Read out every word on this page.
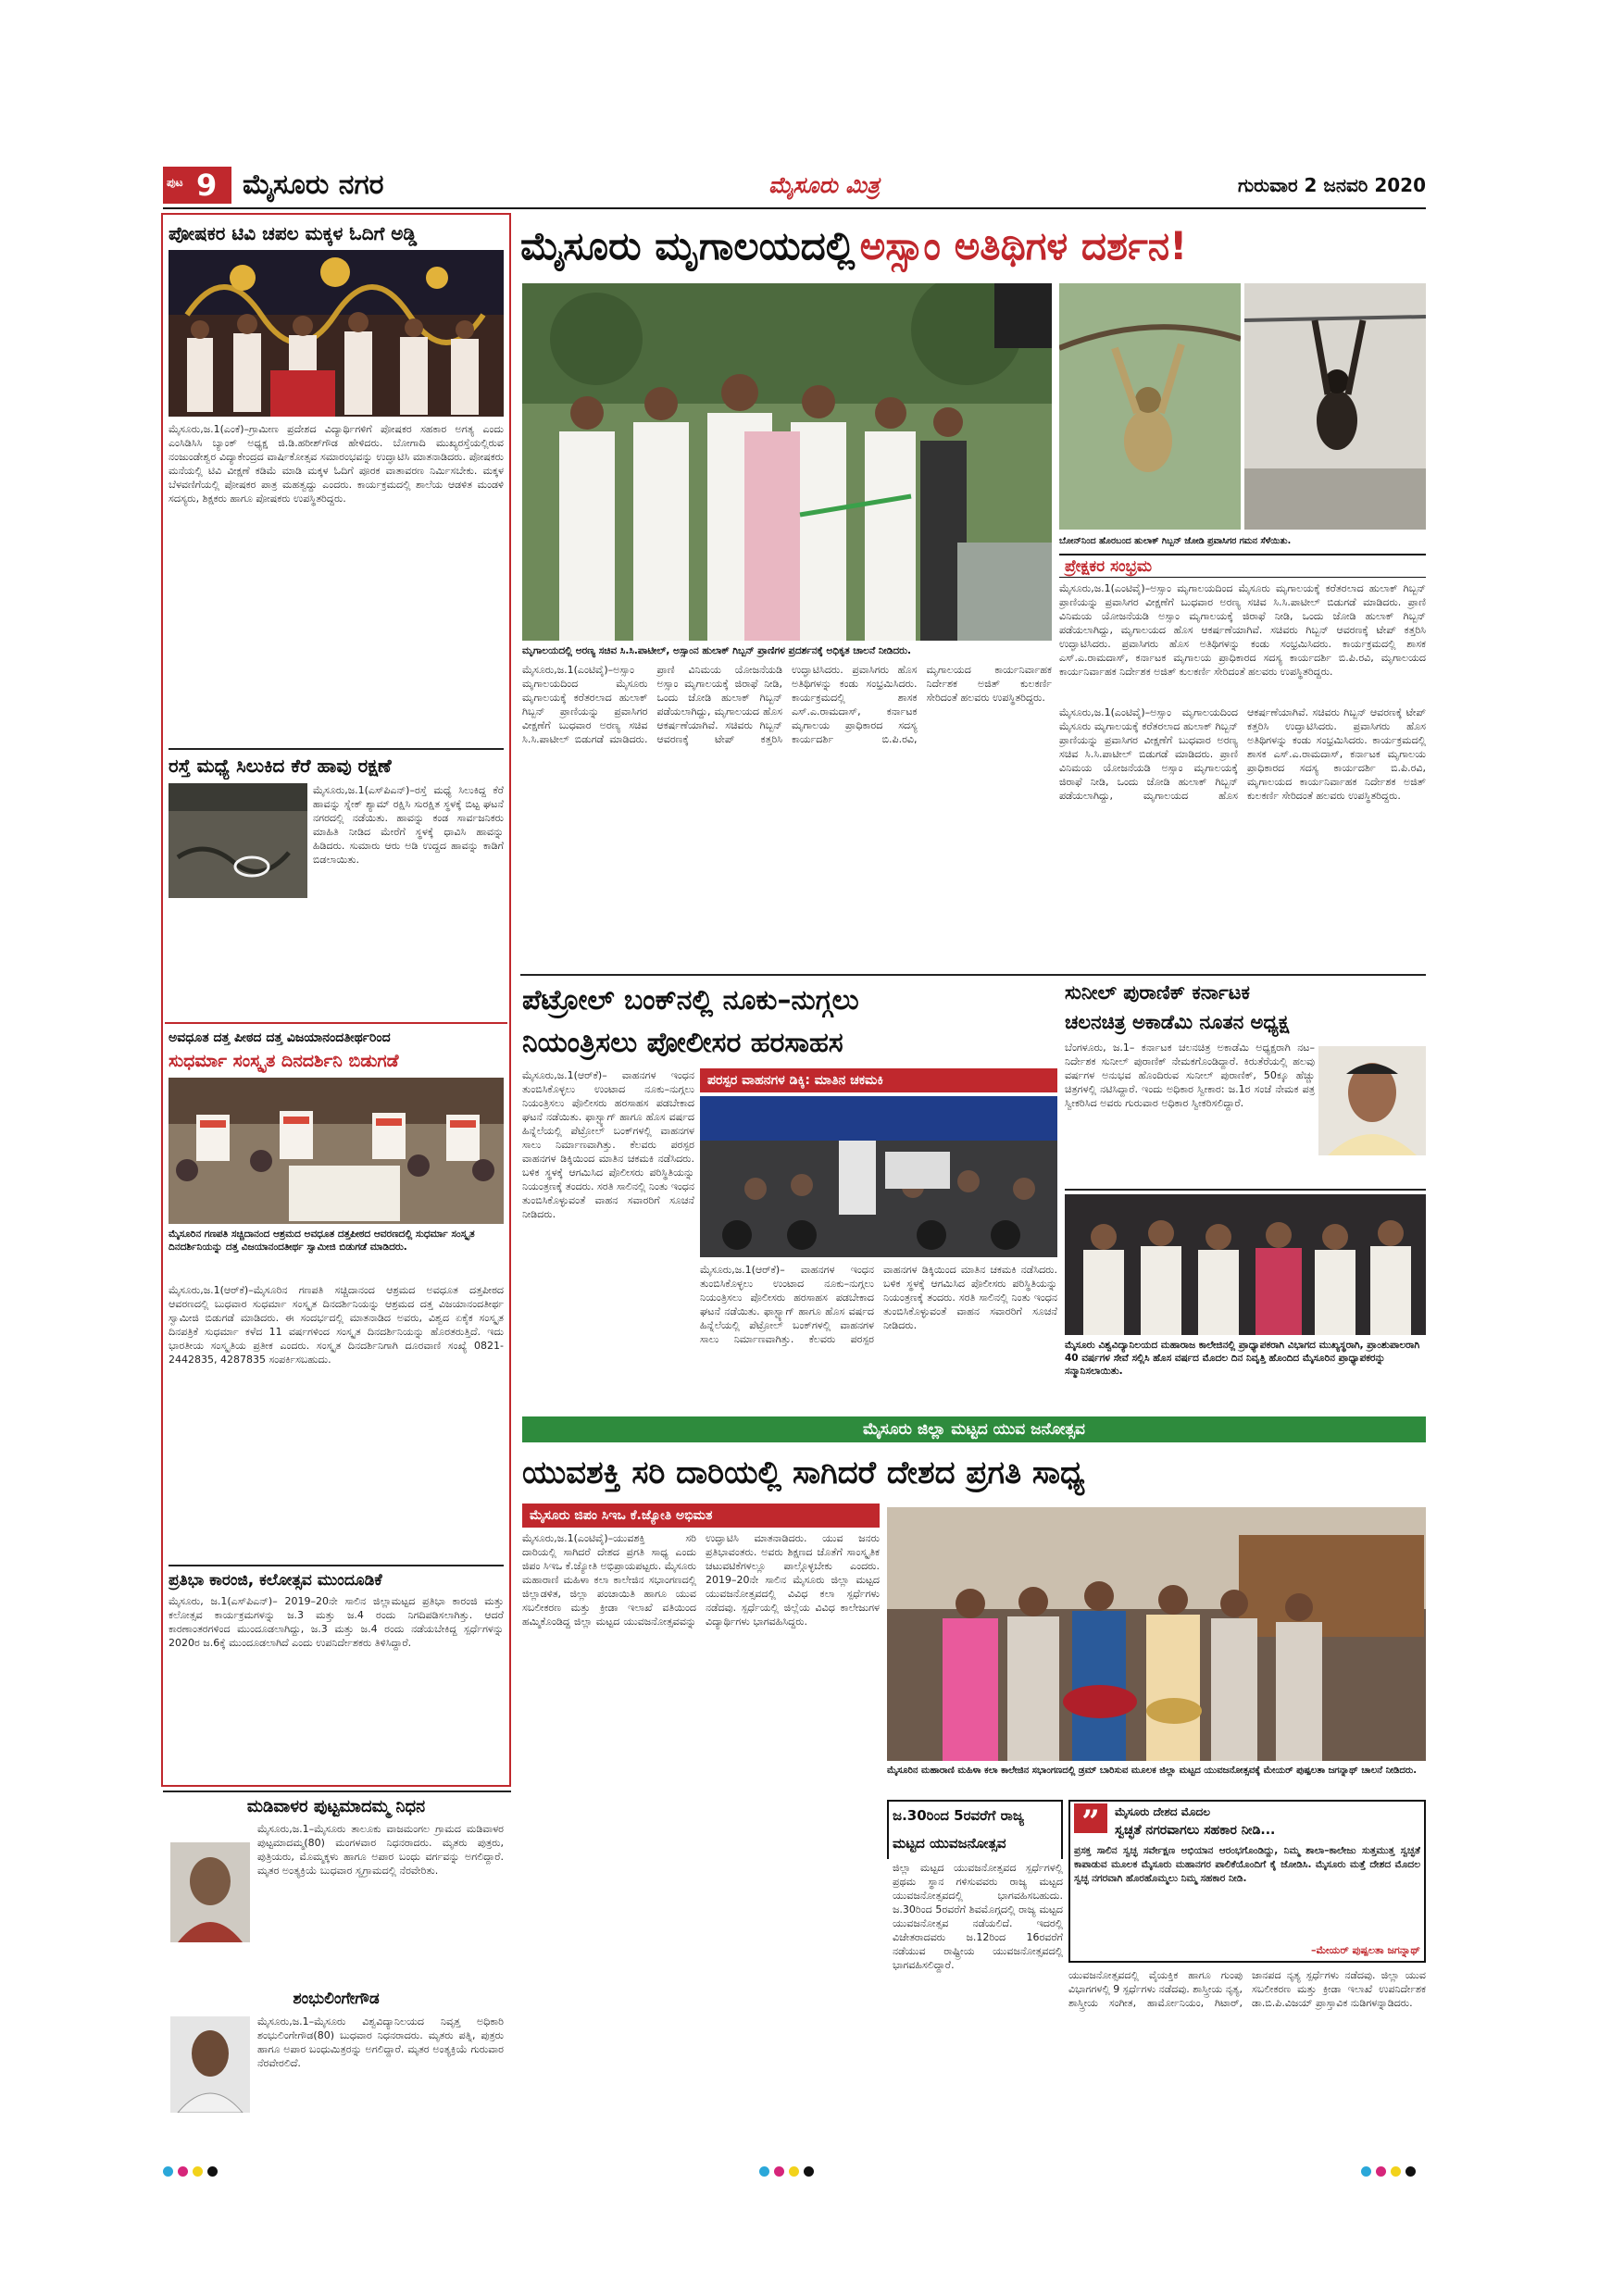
ಪುಟ 9 ಮೈಸೂರು ನಗರ	ಮೈಸೂರು ಮಿತ್ರ	ಗುರುವಾರ 2 ಜನವರಿ 2020
ಪೋಷಕರ ಟಿವಿ ಚಪಲ ಮಕ್ಕಳ ಓದಿಗೆ ಅಡ್ಡಿ
ಮೈಸೂರು,ಜ.1(ಎಂಕೆ)–ಗ್ರಾಮೀಣ ಪ್ರದೇಶದ ವಿದ್ಯಾರ್ಥಿಗಳಿಗೆ ಪೋಷಕರ ಸಹಕಾರ ಅಗತ್ಯ ಎಂದು ಎಂಸಿಡಿಸಿಸಿ ಬ್ಯಾಂಕ್ ಅಧ್ಯಕ್ಷ ಜಿ.ಡಿ.ಹರೀಶ್‌ಗೌಡ ಹೇಳಿದರು. ಬೋಗಾದಿ ಮುಖ್ಯರಸ್ತೆಯಲ್ಲಿರುವ ನಂಜುಂಡೇಶ್ವರ ವಿದ್ಯಾಕೇಂದ್ರದ ವಾರ್ಷಿಕೋತ್ಸವ ಸಮಾರಂಭವನ್ನು ಉದ್ಘಾಟಿಸಿ ಮಾತನಾಡಿದರು. ಪೋಷಕರು ಮನೆಯಲ್ಲಿ ಟಿವಿ ವೀಕ್ಷಣೆ ಕಡಿಮೆ ಮಾಡಿ ಮಕ್ಕಳ ಓದಿಗೆ ಪೂರಕ ವಾತಾವರಣ ನಿರ್ಮಿಸಬೇಕು. ಮಕ್ಕಳ ಬೆಳವಣಿಗೆಯಲ್ಲಿ ಪೋಷಕರ ಪಾತ್ರ ಮಹತ್ವದ್ದು ಎಂದರು. ಕಾರ್ಯಕ್ರಮದಲ್ಲಿ ಶಾಲೆಯ ಆಡಳಿತ ಮಂಡಳಿ ಸದಸ್ಯರು, ಶಿಕ್ಷಕರು ಹಾಗೂ ಪೋಷಕರು ಉಪಸ್ಥಿತರಿದ್ದರು.
ರಸ್ತೆ ಮಧ್ಯೆ ಸಿಲುಕಿದ ಕೆರೆ ಹಾವು ರಕ್ಷಣೆ
ಮೈಸೂರು,ಜ.1(ಎಸ್‌ಪಿಎನ್)–ರಸ್ತೆ ಮಧ್ಯೆ ಸಿಲುಕಿದ್ದ ಕೆರೆ ಹಾವನ್ನು ಸ್ನೇಕ್ ಶ್ಯಾಮ್ ರಕ್ಷಿಸಿ ಸುರಕ್ಷಿತ ಸ್ಥಳಕ್ಕೆ ಬಿಟ್ಟ ಘಟನೆ ನಗರದಲ್ಲಿ ನಡೆಯಿತು. ಹಾವನ್ನು ಕಂಡ ಸಾರ್ವಜನಿಕರು ಮಾಹಿತಿ ನೀಡಿದ ಮೇರೆಗೆ ಸ್ಥಳಕ್ಕೆ ಧಾವಿಸಿ ಹಾವನ್ನು ಹಿಡಿದರು. ಸುಮಾರು ಆರು ಅಡಿ ಉದ್ದದ ಹಾವನ್ನು ಕಾಡಿಗೆ ಬಿಡಲಾಯಿತು.
ಅವಧೂತ ದತ್ತ ಪೀಠದ ದತ್ತ ವಿಜಯಾನಂದತೀರ್ಥರಿಂದ
ಸುಧರ್ಮಾ ಸಂಸ್ಕೃತ ದಿನದರ್ಶಿನಿ ಬಿಡುಗಡೆ
ಮೈಸೂರಿನ ಗಣಪತಿ ಸಚ್ಚಿದಾನಂದ ಆಶ್ರಮದ ಅವಧೂತ ದತ್ತಪೀಠದ ಆವರಣದಲ್ಲಿ ಸುಧರ್ಮಾ ಸಂಸ್ಕೃತ ದಿನದರ್ಶಿನಿಯನ್ನು ದತ್ತ ವಿಜಯಾನಂದತೀರ್ಥ ಸ್ವಾಮೀಜಿ ಬಿಡುಗಡೆ ಮಾಡಿದರು.
ಮೈಸೂರು,ಜ.1(ಆರ್‌ಕೆ)–ಮೈಸೂರಿನ ಗಣಪತಿ ಸಚ್ಚಿದಾನಂದ ಆಶ್ರಮದ ಅವಧೂತ ದತ್ತಪೀಠದ ಆವರಣದಲ್ಲಿ ಬುಧವಾರ ಸುಧರ್ಮಾ ಸಂಸ್ಕೃತ ದಿನದರ್ಶಿನಿಯನ್ನು ಆಶ್ರಮದ ದತ್ತ ವಿಜಯಾನಂದತೀರ್ಥ ಸ್ವಾಮೀಜಿ ಬಿಡುಗಡೆ ಮಾಡಿದರು. ಈ ಸಂದರ್ಭದಲ್ಲಿ ಮಾತನಾಡಿದ ಅವರು, ವಿಶ್ವದ ಏಕೈಕ ಸಂಸ್ಕೃತ ದಿನಪತ್ರಿಕೆ ಸುಧರ್ಮಾ ಕಳೆದ 11 ವರ್ಷಗಳಿಂದ ಸಂಸ್ಕೃತ ದಿನದರ್ಶಿನಿಯನ್ನು ಹೊರತರುತ್ತಿದೆ. ಇದು ಭಾರತೀಯ ಸಂಸ್ಕೃತಿಯ ಪ್ರತೀಕ ಎಂದರು. ಸಂಸ್ಕೃತ ದಿನದರ್ಶಿನಿಗಾಗಿ ದೂರವಾಣಿ ಸಂಖ್ಯೆ 0821-2442835, 4287835 ಸಂಪರ್ಕಿಸಬಹುದು.
ಪ್ರತಿಭಾ ಕಾರಂಜಿ, ಕಲೋತ್ಸವ ಮುಂದೂಡಿಕೆ
ಮೈಸೂರು, ಜ.1(ಎಸ್‌ಪಿಎನ್)– 2019–20ನೇ ಸಾಲಿನ ಜಿಲ್ಲಾಮಟ್ಟದ ಪ್ರತಿಭಾ ಕಾರಂಜಿ ಮತ್ತು ಕಲೋತ್ಸವ ಕಾರ್ಯಕ್ರಮಗಳನ್ನು ಜ.3 ಮತ್ತು ಜ.4 ರಂದು ನಿಗದಿಪಡಿಸಲಾಗಿತ್ತು. ಆದರೆ ಕಾರಣಾಂತರಗಳಿಂದ ಮುಂದೂಡಲಾಗಿದ್ದು, ಜ.3 ಮತ್ತು ಜ.4 ರಂದು ನಡೆಯಬೇಕಿದ್ದ ಸ್ಪರ್ಧೆಗಳನ್ನು 2020ರ ಜ.6ಕ್ಕೆ ಮುಂದೂಡಲಾಗಿದೆ ಎಂದು ಉಪನಿರ್ದೇಶಕರು ತಿಳಿಸಿದ್ದಾರೆ.
ಮಡಿವಾಳರ ಪುಟ್ಟಮಾದಮ್ಮ ನಿಧನ
ಮೈಸೂರು,ಜ.1–ಮೈಸೂರು ತಾಲೂಕು ವಾಜಮಂಗಲ ಗ್ರಾಮದ ಮಡಿವಾಳರ ಪುಟ್ಟಮಾದಮ್ಮ(80) ಮಂಗಳವಾರ ನಿಧನರಾದರು. ಮೃತರು ಪುತ್ರರು, ಪುತ್ರಿಯರು, ಮೊಮ್ಮಕ್ಕಳು ಹಾಗೂ ಅಪಾರ ಬಂಧು ವರ್ಗವನ್ನು ಅಗಲಿದ್ದಾರೆ. ಮೃತರ ಅಂತ್ಯಕ್ರಿಯೆ ಬುಧವಾರ ಸ್ವಗ್ರಾಮದಲ್ಲಿ ನೆರವೇರಿತು.
ಶಂಭುಲಿಂಗೇಗೌಡ
ಮೈಸೂರು,ಜ.1–ಮೈಸೂರು ವಿಶ್ವವಿದ್ಯಾನಿಲಯದ ನಿವೃತ್ತ ಅಧಿಕಾರಿ ಶಂಭುಲಿಂಗೇಗೌಡ(80) ಬುಧವಾರ ನಿಧನರಾದರು. ಮೃತರು ಪತ್ನಿ, ಪುತ್ರರು ಹಾಗೂ ಅಪಾರ ಬಂಧುಮಿತ್ರರನ್ನು ಅಗಲಿದ್ದಾರೆ. ಮೃತರ ಅಂತ್ಯಕ್ರಿಯೆ ಗುರುವಾರ ನೆರವೇರಲಿದೆ.
ಮೈಸೂರು ಮೃಗಾಲಯದಲ್ಲಿ ಅಸ್ಸಾಂ ಅತಿಥಿಗಳ ದರ್ಶನ!
ಬೋನ್‌ನಿಂದ ಹೊರಬಂದ ಹುಲಾಕ್ ಗಿಬ್ಬನ್ ಜೋಡಿ ಪ್ರವಾಸಿಗರ ಗಮನ ಸೆಳೆಯಿತು.
ಪ್ರೇಕ್ಷಕರ ಸಂಭ್ರಮ
ಮೈಸೂರು,ಜ.1(ಎಂಟಿವೈ)–ಅಸ್ಸಾಂ ಮೃಗಾಲಯದಿಂದ ಮೈಸೂರು ಮೃಗಾಲಯಕ್ಕೆ ಕರೆತರಲಾದ ಹುಲಾಕ್ ಗಿಬ್ಬನ್ ಪ್ರಾಣಿಯನ್ನು ಪ್ರವಾಸಿಗರ ವೀಕ್ಷಣೆಗೆ ಬುಧವಾರ ಅರಣ್ಯ ಸಚಿವ ಸಿ.ಸಿ.ಪಾಟೀಲ್ ಬಿಡುಗಡೆ ಮಾಡಿದರು. ಪ್ರಾಣಿ ವಿನಿಮಯ ಯೋಜನೆಯಡಿ ಅಸ್ಸಾಂ ಮೃಗಾಲಯಕ್ಕೆ ಜಿರಾಫೆ ನೀಡಿ, ಒಂದು ಜೋಡಿ ಹುಲಾಕ್ ಗಿಬ್ಬನ್ ಪಡೆಯಲಾಗಿದ್ದು, ಮೃಗಾಲಯದ ಹೊಸ ಆಕರ್ಷಣೆಯಾಗಿವೆ. ಸಚಿವರು ಗಿಬ್ಬನ್ ಆವರಣಕ್ಕೆ ಟೇಪ್ ಕತ್ತರಿಸಿ ಉದ್ಘಾಟಿಸಿದರು. ಪ್ರವಾಸಿಗರು ಹೊಸ ಅತಿಥಿಗಳನ್ನು ಕಂಡು ಸಂಭ್ರಮಿಸಿದರು. ಕಾರ್ಯಕ್ರಮದಲ್ಲಿ ಶಾಸಕ ಎಸ್.ಎ.ರಾಮದಾಸ್, ಕರ್ನಾಟಕ ಮೃಗಾಲಯ ಪ್ರಾಧಿಕಾರದ ಸದಸ್ಯ ಕಾರ್ಯದರ್ಶಿ ಬಿ.ಪಿ.ರವಿ, ಮೃಗಾಲಯದ ಕಾರ್ಯನಿರ್ವಾಹಕ ನಿರ್ದೇಶಕ ಅಜಿತ್ ಕುಲಕರ್ಣಿ ಸೇರಿದಂತೆ ಹಲವರು ಉಪಸ್ಥಿತರಿದ್ದರು.
ಮೃಗಾಲಯದಲ್ಲಿ ಅರಣ್ಯ ಸಚಿವ ಸಿ.ಸಿ.ಪಾಟೀಲ್, ಅಸ್ಸಾಂನ ಹುಲಾಕ್ ಗಿಬ್ಬನ್ ಪ್ರಾಣಿಗಳ ಪ್ರದರ್ಶನಕ್ಕೆ ಅಧಿಕೃತ ಚಾಲನೆ ನೀಡಿದರು.
ಮೈಸೂರು,ಜ.1(ಎಂಟಿವೈ)–ಅಸ್ಸಾಂ ಮೃಗಾಲಯದಿಂದ ಮೈಸೂರು ಮೃಗಾಲಯಕ್ಕೆ ಕರೆತರಲಾದ ಹುಲಾಕ್ ಗಿಬ್ಬನ್ ಪ್ರಾಣಿಯನ್ನು ಪ್ರವಾಸಿಗರ ವೀಕ್ಷಣೆಗೆ ಬುಧವಾರ ಅರಣ್ಯ ಸಚಿವ ಸಿ.ಸಿ.ಪಾಟೀಲ್ ಬಿಡುಗಡೆ ಮಾಡಿದರು. ಪ್ರಾಣಿ ವಿನಿಮಯ ಯೋಜನೆಯಡಿ ಅಸ್ಸಾಂ ಮೃಗಾಲಯಕ್ಕೆ ಜಿರಾಫೆ ನೀಡಿ, ಒಂದು ಜೋಡಿ ಹುಲಾಕ್ ಗಿಬ್ಬನ್ ಪಡೆಯಲಾಗಿದ್ದು, ಮೃಗಾಲಯದ ಹೊಸ ಆಕರ್ಷಣೆಯಾಗಿವೆ. ಸಚಿವರು ಗಿಬ್ಬನ್ ಆವರಣಕ್ಕೆ ಟೇಪ್ ಕತ್ತರಿಸಿ ಉದ್ಘಾಟಿಸಿದರು. ಪ್ರವಾಸಿಗರು ಹೊಸ ಅತಿಥಿಗಳನ್ನು ಕಂಡು ಸಂಭ್ರಮಿಸಿದರು. ಕಾರ್ಯಕ್ರಮದಲ್ಲಿ ಶಾಸಕ ಎಸ್.ಎ.ರಾಮದಾಸ್, ಕರ್ನಾಟಕ ಮೃಗಾಲಯ ಪ್ರಾಧಿಕಾರದ ಸದಸ್ಯ ಕಾರ್ಯದರ್ಶಿ ಬಿ.ಪಿ.ರವಿ, ಮೃಗಾಲಯದ ಕಾರ್ಯನಿರ್ವಾಹಕ ನಿರ್ದೇಶಕ ಅಜಿತ್ ಕುಲಕರ್ಣಿ ಸೇರಿದಂತೆ ಹಲವರು ಉಪಸ್ಥಿತರಿದ್ದರು.
ಮೈಸೂರು,ಜ.1(ಎಂಟಿವೈ)–ಅಸ್ಸಾಂ ಮೃಗಾಲಯದಿಂದ ಮೈಸೂರು ಮೃಗಾಲಯಕ್ಕೆ ಕರೆತರಲಾದ ಹುಲಾಕ್ ಗಿಬ್ಬನ್ ಪ್ರಾಣಿಯನ್ನು ಪ್ರವಾಸಿಗರ ವೀಕ್ಷಣೆಗೆ ಬುಧವಾರ ಅರಣ್ಯ ಸಚಿವ ಸಿ.ಸಿ.ಪಾಟೀಲ್ ಬಿಡುಗಡೆ ಮಾಡಿದರು. ಪ್ರಾಣಿ ವಿನಿಮಯ ಯೋಜನೆಯಡಿ ಅಸ್ಸಾಂ ಮೃಗಾಲಯಕ್ಕೆ ಜಿರಾಫೆ ನೀಡಿ, ಒಂದು ಜೋಡಿ ಹುಲಾಕ್ ಗಿಬ್ಬನ್ ಪಡೆಯಲಾಗಿದ್ದು, ಮೃಗಾಲಯದ ಹೊಸ ಆಕರ್ಷಣೆಯಾಗಿವೆ. ಸಚಿವರು ಗಿಬ್ಬನ್ ಆವರಣಕ್ಕೆ ಟೇಪ್ ಕತ್ತರಿಸಿ ಉದ್ಘಾಟಿಸಿದರು. ಪ್ರವಾಸಿಗರು ಹೊಸ ಅತಿಥಿಗಳನ್ನು ಕಂಡು ಸಂಭ್ರಮಿಸಿದರು. ಕಾರ್ಯಕ್ರಮದಲ್ಲಿ ಶಾಸಕ ಎಸ್.ಎ.ರಾಮದಾಸ್, ಕರ್ನಾಟಕ ಮೃಗಾಲಯ ಪ್ರಾಧಿಕಾರದ ಸದಸ್ಯ ಕಾರ್ಯದರ್ಶಿ ಬಿ.ಪಿ.ರವಿ, ಮೃಗಾಲಯದ ಕಾರ್ಯನಿರ್ವಾಹಕ ನಿರ್ದೇಶಕ ಅಜಿತ್ ಕುಲಕರ್ಣಿ ಸೇರಿದಂತೆ ಹಲವರು ಉಪಸ್ಥಿತರಿದ್ದರು.
ಪೆಟ್ರೋಲ್ ಬಂಕ್‌ನಲ್ಲಿ ನೂಕು–ನುಗ್ಗಲು
ನಿಯಂತ್ರಿಸಲು ಪೋಲೀಸರ ಹರಸಾಹಸ
ಮೈಸೂರು,ಜ.1(ಆರ್‌ಕೆ)– ವಾಹನಗಳ ಇಂಧನ ತುಂಬಿಸಿಕೊಳ್ಳಲು ಉಂಟಾದ ನೂಕು–ನುಗ್ಗಲು ನಿಯಂತ್ರಿಸಲು ಪೊಲೀಸರು ಹರಸಾಹಸ ಪಡಬೇಕಾದ ಘಟನೆ ನಡೆಯಿತು. ಫಾಸ್ಟ್ಯಾಗ್ ಹಾಗೂ ಹೊಸ ವರ್ಷದ ಹಿನ್ನೆಲೆಯಲ್ಲಿ ಪೆಟ್ರೋಲ್ ಬಂಕ್‌ಗಳಲ್ಲಿ ವಾಹನಗಳ ಸಾಲು ನಿರ್ಮಾಣವಾಗಿತ್ತು. ಕೆಲವರು ಪರಸ್ಪರ ವಾಹನಗಳ ಡಿಕ್ಕಿಯಿಂದ ಮಾತಿನ ಚಕಮಕಿ ನಡೆಸಿದರು. ಬಳಿಕ ಸ್ಥಳಕ್ಕೆ ಆಗಮಿಸಿದ ಪೊಲೀಸರು ಪರಿಸ್ಥಿತಿಯನ್ನು ನಿಯಂತ್ರಣಕ್ಕೆ ತಂದರು. ಸರತಿ ಸಾಲಿನಲ್ಲಿ ನಿಂತು ಇಂಧನ ತುಂಬಿಸಿಕೊಳ್ಳುವಂತೆ ವಾಹನ ಸವಾರರಿಗೆ ಸೂಚನೆ ನೀಡಿದರು.
ಪರಸ್ಪರ ವಾಹನಗಳ ಡಿಕ್ಕಿ: ಮಾತಿನ ಚಕಮಕಿ
ಮೈಸೂರು,ಜ.1(ಆರ್‌ಕೆ)– ವಾಹನಗಳ ಇಂಧನ ತುಂಬಿಸಿಕೊಳ್ಳಲು ಉಂಟಾದ ನೂಕು–ನುಗ್ಗಲು ನಿಯಂತ್ರಿಸಲು ಪೊಲೀಸರು ಹರಸಾಹಸ ಪಡಬೇಕಾದ ಘಟನೆ ನಡೆಯಿತು. ಫಾಸ್ಟ್ಯಾಗ್ ಹಾಗೂ ಹೊಸ ವರ್ಷದ ಹಿನ್ನೆಲೆಯಲ್ಲಿ ಪೆಟ್ರೋಲ್ ಬಂಕ್‌ಗಳಲ್ಲಿ ವಾಹನಗಳ ಸಾಲು ನಿರ್ಮಾಣವಾಗಿತ್ತು. ಕೆಲವರು ಪರಸ್ಪರ ವಾಹನಗಳ ಡಿಕ್ಕಿಯಿಂದ ಮಾತಿನ ಚಕಮಕಿ ನಡೆಸಿದರು. ಬಳಿಕ ಸ್ಥಳಕ್ಕೆ ಆಗಮಿಸಿದ ಪೊಲೀಸರು ಪರಿಸ್ಥಿತಿಯನ್ನು ನಿಯಂತ್ರಣಕ್ಕೆ ತಂದರು. ಸರತಿ ಸಾಲಿನಲ್ಲಿ ನಿಂತು ಇಂಧನ ತುಂಬಿಸಿಕೊಳ್ಳುವಂತೆ ವಾಹನ ಸವಾರರಿಗೆ ಸೂಚನೆ ನೀಡಿದರು.
ಸುನೀಲ್ ಪುರಾಣಿಕ್ ಕರ್ನಾಟಕ
ಚಲನಚಿತ್ರ ಅಕಾಡೆಮಿ ನೂತನ ಅಧ್ಯಕ್ಷ
ಬೆಂಗಳೂರು, ಜ.1– ಕರ್ನಾಟಕ ಚಲನಚಿತ್ರ ಅಕಾಡೆಮಿ ಅಧ್ಯಕ್ಷರಾಗಿ ನಟ–ನಿರ್ದೇಶಕ ಸುನೀಲ್ ಪುರಾಣಿಕ್ ನೇಮಕಗೊಂಡಿದ್ದಾರೆ. ಕಿರುತೆರೆಯಲ್ಲಿ ಹಲವು ವರ್ಷಗಳ ಅನುಭವ ಹೊಂದಿರುವ ಸುನೀಲ್ ಪುರಾಣಿಕ್, 50ಕ್ಕೂ ಹೆಚ್ಚು ಚಿತ್ರಗಳಲ್ಲಿ ನಟಿಸಿದ್ದಾರೆ. ಇಂದು ಅಧಿಕಾರ ಸ್ವೀಕಾರ: ಜ.1ರ ಸಂಜೆ ನೇಮಕ ಪತ್ರ ಸ್ವೀಕರಿಸಿದ ಅವರು ಗುರುವಾರ ಅಧಿಕಾರ ಸ್ವೀಕರಿಸಲಿದ್ದಾರೆ.
ಮೈಸೂರು ವಿಶ್ವವಿದ್ಯಾನಿಲಯದ ಮಹಾರಾಜ ಕಾಲೇಜಿನಲ್ಲಿ ಪ್ರಾಧ್ಯಾಪಕರಾಗಿ ವಿಭಾಗದ ಮುಖ್ಯಸ್ಥರಾಗಿ, ಪ್ರಾಂಶುಪಾಲರಾಗಿ 40 ವರ್ಷಗಳ ಸೇವೆ ಸಲ್ಲಿಸಿ ಹೊಸ ವರ್ಷದ ಮೊದಲ ದಿನ ನಿವೃತ್ತಿ ಹೊಂದಿದ ಮೈಸೂರಿನ ಪ್ರಾಧ್ಯಾಪಕರನ್ನು ಸನ್ಮಾನಿಸಲಾಯಿತು.
ಮೈಸೂರು ಜಿಲ್ಲಾ ಮಟ್ಟದ ಯುವ ಜನೋತ್ಸವ
ಯುವಶಕ್ತಿ ಸರಿ ದಾರಿಯಲ್ಲಿ ಸಾಗಿದರೆ ದೇಶದ ಪ್ರಗತಿ ಸಾಧ್ಯ
ಮೈಸೂರು ಜಿಪಂ ಸಿಇಒ ಕೆ.ಜ್ಯೋತಿ ಅಭಿಮತ
ಮೈಸೂರು,ಜ.1(ಎಂಟಿವೈ)–ಯುವಶಕ್ತಿ ಸರಿ ದಾರಿಯಲ್ಲಿ ಸಾಗಿದರೆ ದೇಶದ ಪ್ರಗತಿ ಸಾಧ್ಯ ಎಂದು ಜಿಪಂ ಸಿಇಒ ಕೆ.ಜ್ಯೋತಿ ಅಭಿಪ್ರಾಯಪಟ್ಟರು. ಮೈಸೂರು ಮಹಾರಾಣಿ ಮಹಿಳಾ ಕಲಾ ಕಾಲೇಜಿನ ಸಭಾಂಗಣದಲ್ಲಿ ಜಿಲ್ಲಾಡಳಿತ, ಜಿಲ್ಲಾ ಪಂಚಾಯಿತಿ ಹಾಗೂ ಯುವ ಸಬಲೀಕರಣ ಮತ್ತು ಕ್ರೀಡಾ ಇಲಾಖೆ ವತಿಯಿಂದ ಹಮ್ಮಿಕೊಂಡಿದ್ದ ಜಿಲ್ಲಾ ಮಟ್ಟದ ಯುವಜನೋತ್ಸವವನ್ನು ಉದ್ಘಾಟಿಸಿ ಮಾತನಾಡಿದರು. ಯುವ ಜನರು ಪ್ರತಿಭಾವಂತರು. ಅವರು ಶಿಕ್ಷಣದ ಜೊತೆಗೆ ಸಾಂಸ್ಕೃತಿಕ ಚಟುವಟಿಕೆಗಳಲ್ಲೂ ಪಾಲ್ಗೊಳ್ಳಬೇಕು ಎಂದರು. 2019–20ನೇ ಸಾಲಿನ ಮೈಸೂರು ಜಿಲ್ಲಾ ಮಟ್ಟದ ಯುವಜನೋತ್ಸವದಲ್ಲಿ ವಿವಿಧ ಕಲಾ ಸ್ಪರ್ಧೆಗಳು ನಡೆದವು. ಸ್ಪರ್ಧೆಯಲ್ಲಿ ಜಿಲ್ಲೆಯ ವಿವಿಧ ಕಾಲೇಜುಗಳ ವಿದ್ಯಾರ್ಥಿಗಳು ಭಾಗವಹಿಸಿದ್ದರು.
ಮೈಸೂರಿನ ಮಹಾರಾಣಿ ಮಹಿಳಾ ಕಲಾ ಕಾಲೇಜಿನ ಸಭಾಂಗಣದಲ್ಲಿ ಡ್ರಮ್ ಬಾರಿಸುವ ಮೂಲಕ ಜಿಲ್ಲಾ ಮಟ್ಟದ ಯುವಜನೋತ್ಸವಕ್ಕೆ ಮೇಯರ್ ಪುಷ್ಪಲತಾ ಜಗನ್ನಾಥ್ ಚಾಲನೆ ನೀಡಿದರು.
ಜ.30ರಿಂದ 5ರವರೆಗೆ ರಾಜ್ಯ
ಮಟ್ಟದ ಯುವಜನೋತ್ಸವ
ಜಿಲ್ಲಾ ಮಟ್ಟದ ಯುವಜನೋತ್ಸವದ ಸ್ಪರ್ಧೆಗಳಲ್ಲಿ ಪ್ರಥಮ ಸ್ಥಾನ ಗಳಿಸುವವರು ರಾಜ್ಯ ಮಟ್ಟದ ಯುವಜನೋತ್ಸವದಲ್ಲಿ ಭಾಗವಹಿಸಬಹುದು. ಜ.30ರಿಂದ 5ರವರೆಗೆ ಶಿವಮೊಗ್ಗದಲ್ಲಿ ರಾಜ್ಯ ಮಟ್ಟದ ಯುವಜನೋತ್ಸವ ನಡೆಯಲಿದೆ. ಇದರಲ್ಲಿ ವಿಜೇತರಾದವರು ಜ.12ರಿಂದ 16ರವರೆಗೆ ನಡೆಯುವ ರಾಷ್ಟ್ರೀಯ ಯುವಜನೋತ್ಸವದಲ್ಲಿ ಭಾಗವಹಿಸಲಿದ್ದಾರೆ.
”	ಮೈಸೂರು ದೇಶದ ಮೊದಲ
ಸ್ವಚ್ಛತೆ ನಗರವಾಗಲು ಸಹಕಾರ ನೀಡಿ...
ಪ್ರಸಕ್ತ ಸಾಲಿನ ಸ್ವಚ್ಛ ಸರ್ವೇಕ್ಷಣ ಅಭಿಯಾನ ಆರಂಭಗೊಂಡಿದ್ದು, ನಿಮ್ಮ ಶಾಲಾ–ಕಾಲೇಜು ಸುತ್ತಮುತ್ತ ಸ್ವಚ್ಛತೆ ಕಾಪಾಡುವ ಮೂಲಕ ಮೈಸೂರು ಮಹಾನಗರ ಪಾಲಿಕೆಯೊಂದಿಗೆ ಕೈ ಜೋಡಿಸಿ. ಮೈಸೂರು ಮತ್ತೆ ದೇಶದ ಮೊದಲ ಸ್ವಚ್ಛ ನಗರವಾಗಿ ಹೊರಹೊಮ್ಮಲು ನಿಮ್ಮ ಸಹಕಾರ ನೀಡಿ.
–ಮೇಯರ್ ಪುಷ್ಪಲತಾ ಜಗನ್ನಾಥ್
ಯುವಜನೋತ್ಸವದಲ್ಲಿ ವೈಯಕ್ತಿಕ ಹಾಗೂ ಗುಂಪು ವಿಭಾಗಗಳಲ್ಲಿ 9 ಸ್ಪರ್ಧೆಗಳು ನಡೆದವು. ಶಾಸ್ತ್ರೀಯ ನೃತ್ಯ, ಶಾಸ್ತ್ರೀಯ ಸಂಗೀತ, ಹಾರ್ಮೋನಿಯಂ, ಗಿಟಾರ್, ಜಾನಪದ ನೃತ್ಯ ಸ್ಪರ್ಧೆಗಳು ನಡೆದವು. ಜಿಲ್ಲಾ ಯುವ ಸಬಲೀಕರಣ ಮತ್ತು ಕ್ರೀಡಾ ಇಲಾಖೆ ಉಪನಿರ್ದೇಶಕ ಡಾ.ಬಿ.ಪಿ.ವಿಜಯ್ ಪ್ರಾಸ್ತಾವಿಕ ನುಡಿಗಳನ್ನಾಡಿದರು.
